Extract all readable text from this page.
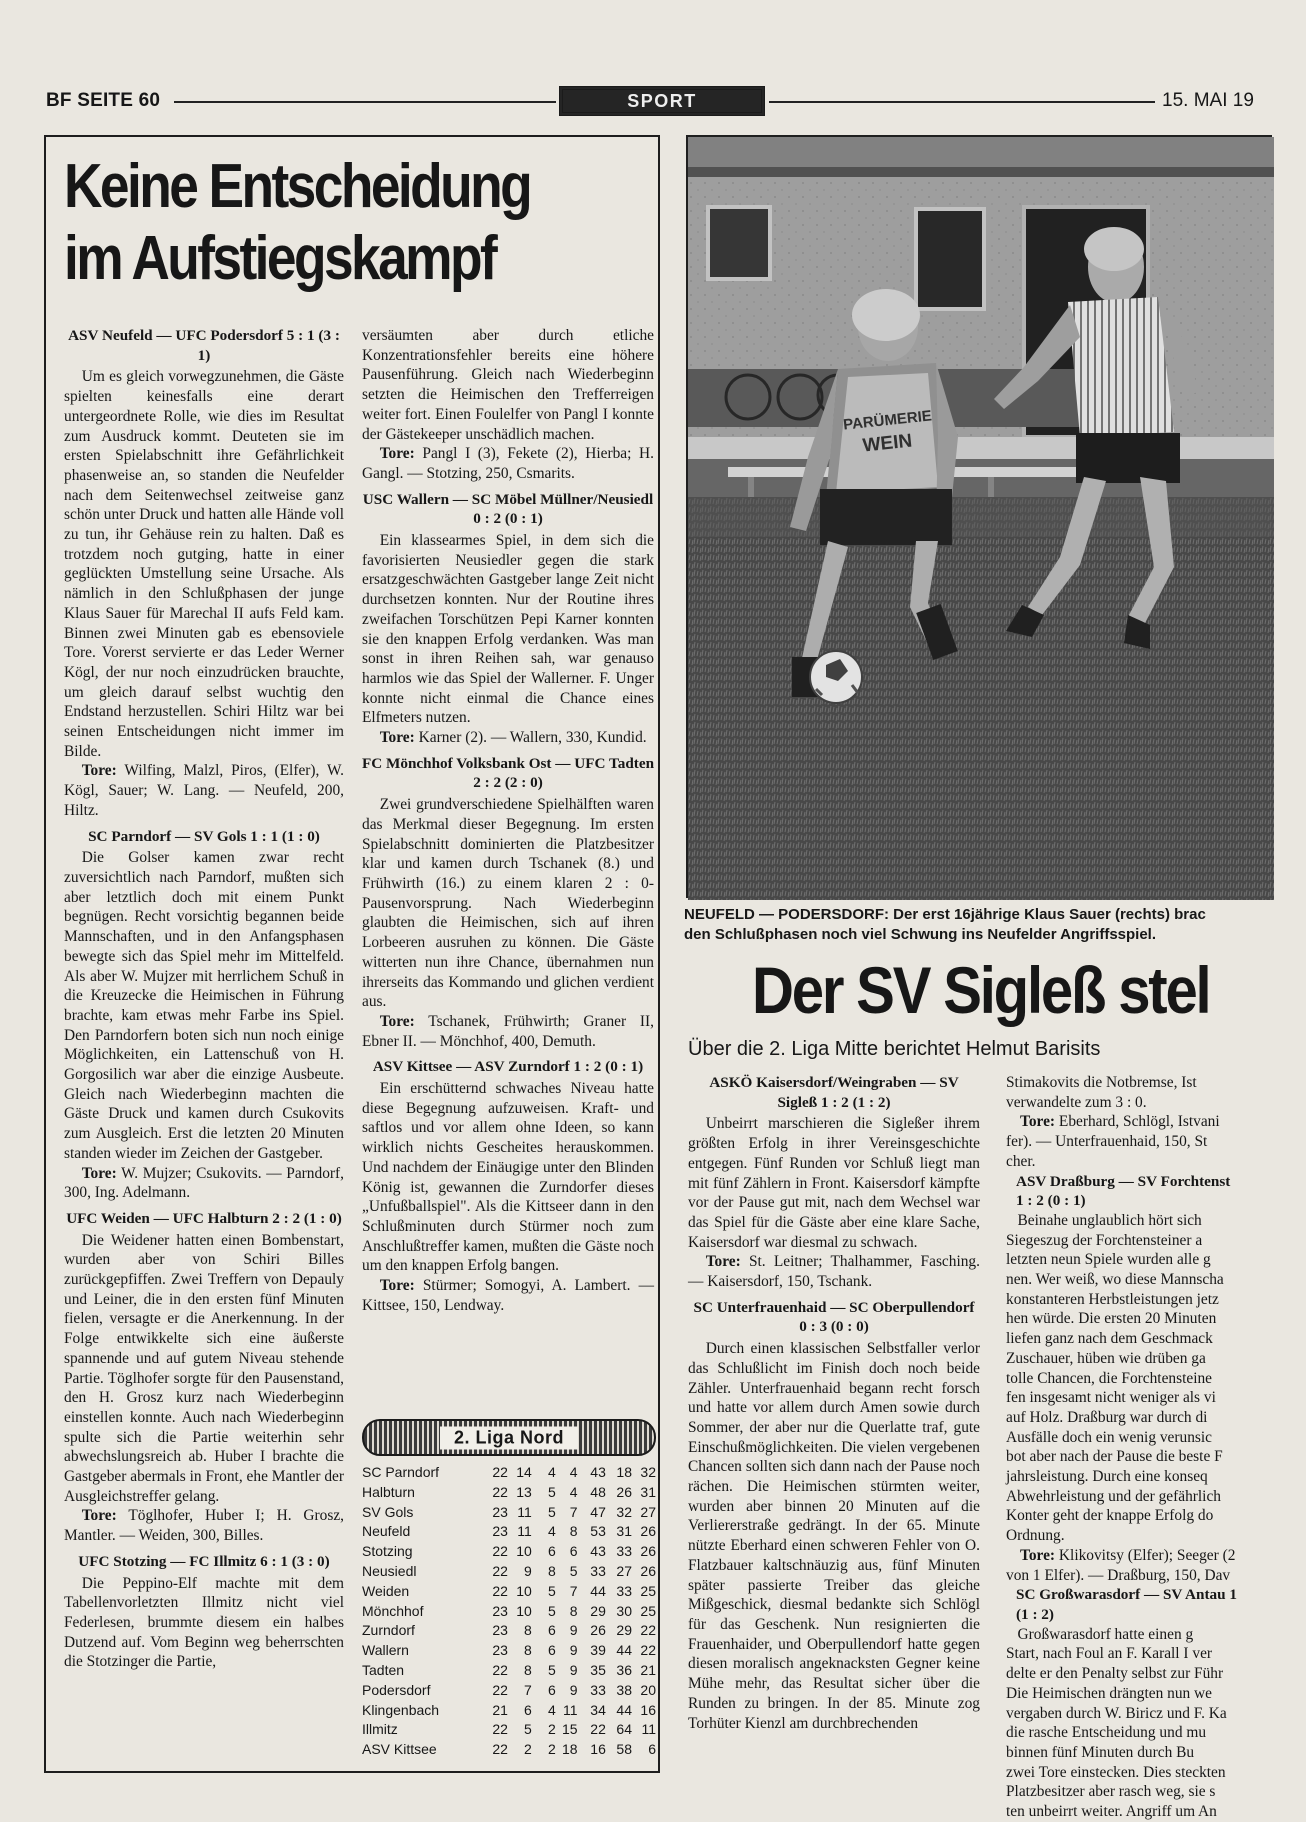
BF SEITE 60	SPORT	15. MAI 19
Keine Entscheidung
im Aufstiegskampf
ASV Neufeld — UFC Podersdorf 5 : 1 (3 : 1)

Um es gleich vorwegzunehmen, die Gäste spielten keinesfalls eine derart untergeordnete Rolle, wie dies im Resultat zum Ausdruck kommt. Deuteten sie im ersten Spielabschnitt ihre Gefährlichkeit phasenweise an, so standen die Neufelder nach dem Seitenwechsel zeitweise ganz schön unter Druck und hatten alle Hände voll zu tun, ihr Gehäuse rein zu halten. Daß es trotzdem noch gutging, hatte in einer geglückten Umstellung seine Ursache. Als nämlich in den Schlußphasen der junge Klaus Sauer für Marechal II aufs Feld kam. Binnen zwei Minuten gab es ebensoviele Tore. Vorerst servierte er das Leder Werner Kögl, der nur noch einzudrücken brauchte, um gleich darauf selbst wuchtig den Endstand herzustellen. Schiri Hiltz war bei seinen Entscheidungen nicht immer im Bilde.

Tore: Wilfing, Malzl, Piros, (Elfer), W. Kögl, Sauer; W. Lang. — Neufeld, 200, Hiltz.

SC Parndorf — SV Gols 1 : 1 (1 : 0)

Die Golser kamen zwar recht zuversichtlich nach Parndorf, mußten sich aber letztlich doch mit einem Punkt begnügen. Recht vorsichtig begannen beide Mannschaften, und in den Anfangsphasen bewegte sich das Spiel mehr im Mittelfeld. Als aber W. Mujzer mit herrlichem Schuß in die Kreuzecke die Heimischen in Führung brachte, kam etwas mehr Farbe ins Spiel. Den Parndorfern boten sich nun noch einige Möglichkeiten, ein Lattenschuß von H. Gorgosilich war aber die einzige Ausbeute. Gleich nach Wiederbeginn machten die Gäste Druck und kamen durch Csukovits zum Ausgleich. Erst die letzten 20 Minuten standen wieder im Zeichen der Gastgeber.

Tore: W. Mujzer; Csukovits. — Parndorf, 300, Ing. Adelmann.

UFC Weiden — UFC Halbturn 2 : 2 (1 : 0)

Die Weidener hatten einen Bombenstart, wurden aber von Schiri Billes zurückgepfiffen. Zwei Treffern von Depauly und Leiner, die in den ersten fünf Minuten fielen, versagte er die Anerkennung. In der Folge entwikkelte sich eine äußerste spannende und auf gutem Niveau stehende Partie. Töglhofer sorgte für den Pausenstand, den H. Grosz kurz nach Wiederbeginn einstellen konnte. Auch nach Wiederbeginn spulte sich die Partie weiterhin sehr abwechslungsreich ab. Huber I brachte die Gastgeber abermals in Front, ehe Mantler der Ausgleichstreffer gelang.

Tore: Töglhofer, Huber I; H. Grosz, Mantler. — Weiden, 300, Billes.

UFC Stotzing — FC Illmitz 6 : 1 (3 : 0)

Die Peppino-Elf machte mit dem Tabellenvorletzten Illmitz nicht viel Federlesen, brummte diesem ein halbes Dutzend auf. Vom Beginn weg beherrschten die Stotzinger die Partie,

versäumten aber durch etliche Konzentrationsfehler bereits eine höhere Pausenführung. Gleich nach Wiederbeginn setzten die Heimischen den Trefferreigen weiter fort. Einen Foulelfer von Pangl I konnte der Gästekeeper unschädlich machen.

Tore: Pangl I (3), Fekete (2), Hierba; H. Gangl. — Stotzing, 250, Csmarits.

USC Wallern — SC Möbel Müllner/Neusiedl 0 : 2 (0 : 1)

Ein klassearmes Spiel, in dem sich die favorisierten Neusiedler gegen die stark ersatzgeschwächten Gastgeber lange Zeit nicht durchsetzen konnten. Nur der Routine ihres zweifachen Torschützen Pepi Karner konnten sie den knappen Erfolg verdanken. Was man sonst in ihren Reihen sah, war genauso harmlos wie das Spiel der Wallerner. F. Unger konnte nicht einmal die Chance eines Elfmeters nutzen.

Tore: Karner (2). — Wallern, 330, Kundid.

FC Mönchhof Volksbank Ost — UFC Tadten 2 : 2 (2 : 0)

Zwei grundverschiedene Spielhälften waren das Merkmal dieser Begegnung. Im ersten Spielabschnitt dominierten die Platzbesitzer klar und kamen durch Tschanek (8.) und Frühwirth (16.) zu einem klaren 2 : 0-Pausenvorsprung. Nach Wiederbeginn glaubten die Heimischen, sich auf ihren Lorbeeren ausruhen zu können. Die Gäste witterten nun ihre Chance, übernahmen nun ihrerseits das Kommando und glichen verdient aus.

Tore: Tschanek, Frühwirth; Graner II, Ebner II. — Mönchhof, 400, Demuth.

ASV Kittsee — ASV Zurndorf 1 : 2 (0 : 1)

Ein erschütternd schwaches Niveau hatte diese Begegnung aufzuweisen. Kraft- und saftlos und vor allem ohne Ideen, so kann wirklich nichts Gescheites herauskommen. Und nachdem der Einäugige unter den Blinden König ist, gewannen die Zurndorfer dieses „Unfußballspiel". Als die Kittseer dann in den Schlußminuten durch Stürmer noch zum Anschlußtreffer kamen, mußten die Gäste noch um den knappen Erfolg bangen.

Tore: Stürmer; Somogyi, A. Lambert. — Kittsee, 150, Lendway.

2. Liga Nord
SC Parndorf	22	14	4	4	43	18	32
Halbturn	22	13	5	4	48	26	31
SV Gols	23	11	5	7	47	32	27
Neufeld	23	11	4	8	53	31	26
Stotzing	22	10	6	6	43	33	26
Neusiedl	22	9	8	5	33	27	26
Weiden	22	10	5	7	44	33	25
Mönchhof	23	10	5	8	29	30	25
Zurndorf	23	8	6	9	26	29	22
Wallern	23	8	6	9	39	44	22
Tadten	22	8	5	9	35	36	21
Podersdorf	22	7	6	9	33	38	20
Klingenbach	21	6	4	11	34	44	16
Illmitz	22	5	2	15	22	64	11
ASV Kittsee	22	2	2	18	16	58	6
PARÜMERIE
WEIN
NEUFELD — PODERSDORF: Der erst 16jährige Klaus Sauer (rechts) brac
den Schlußphasen noch viel Schwung ins Neufelder Angriffsspiel.
Der SV Sigleß stel
Über die 2. Liga Mitte berichtet Helmut Barisits
ASKÖ Kaisersdorf/Weingraben — SV Sigleß 1 : 2 (1 : 2)

Unbeirrt marschieren die Sigleßer ihrem größten Erfolg in ihrer Vereinsgeschichte entgegen. Fünf Runden vor Schluß liegt man mit fünf Zählern in Front. Kaisersdorf kämpfte vor der Pause gut mit, nach dem Wechsel war das Spiel für die Gäste aber eine klare Sache, Kaisersdorf war diesmal zu schwach.

Tore: St. Leitner; Thalhammer, Fasching. — Kaisersdorf, 150, Tschank.

SC Unterfrauenhaid — SC Oberpullendorf 0 : 3 (0 : 0)

Durch einen klassischen Selbstfaller verlor das Schlußlicht im Finish doch noch beide Zähler. Unterfrauenhaid begann recht forsch und hatte vor allem durch Amen sowie durch Sommer, der aber nur die Querlatte traf, gute Einschußmöglichkeiten. Die vielen vergebenen Chancen sollten sich dann nach der Pause noch rächen. Die Heimischen stürmten weiter, wurden aber binnen 20 Minuten auf die Verliererstraße gedrängt. In der 65. Minute nützte Eberhard einen schweren Fehler von O. Flatzbauer kaltschnäuzig aus, fünf Minuten später passierte Treiber das gleiche Mißgeschick, diesmal bedankte sich Schlögl für das Geschenk. Nun resignierten die Frauenhaider, und Oberpullendorf hatte gegen diesen moralisch angeknacksten Gegner keine Mühe mehr, das Resultat sicher über die Runden zu bringen. In der 85. Minute zog Torhüter Kienzl am durchbrechenden

Stimakovits die Notbremse, Ist

verwandelte zum 3 : 0.

Tore: Eberhard, Schlögl, Istvani

fer). — Unterfrauenhaid, 150, St

cher.

ASV Draßburg — SV Forchtenst
1 : 2 (0 : 1)

Beinahe unglaublich hört sich

Siegeszug der Forchtensteiner a

letzten neun Spiele wurden alle g

nen. Wer weiß, wo diese Mannscha

konstanteren Herbstleistungen jetz

hen würde. Die ersten 20 Minuten

liefen ganz nach dem Geschmack

Zuschauer, hüben wie drüben ga

tolle Chancen, die Forchtensteine

fen insgesamt nicht weniger als vi

auf Holz. Draßburg war durch di

Ausfälle doch ein wenig verunsic

bot aber nach der Pause die beste F

jahrsleistung. Durch eine konseq

Abwehrleistung und der gefährlich

Konter geht der knappe Erfolg do

Ordnung.

Tore: Klikovitsy (Elfer); Seeger (2

von 1 Elfer). — Draßburg, 150, Dav

SC Großwarasdorf — SV Antau 1
(1 : 2)

Großwarasdorf hatte einen g

Start, nach Foul an F. Karall I ver

delte er den Penalty selbst zur Führ

Die Heimischen drängten nun we

vergaben durch W. Biricz und F. Ka

die rasche Entscheidung und mu

binnen fünf Minuten durch Bu

zwei Tore einstecken. Dies steckten

Platzbesitzer aber rasch weg, sie s

ten unbeirrt weiter. Angriff um An
